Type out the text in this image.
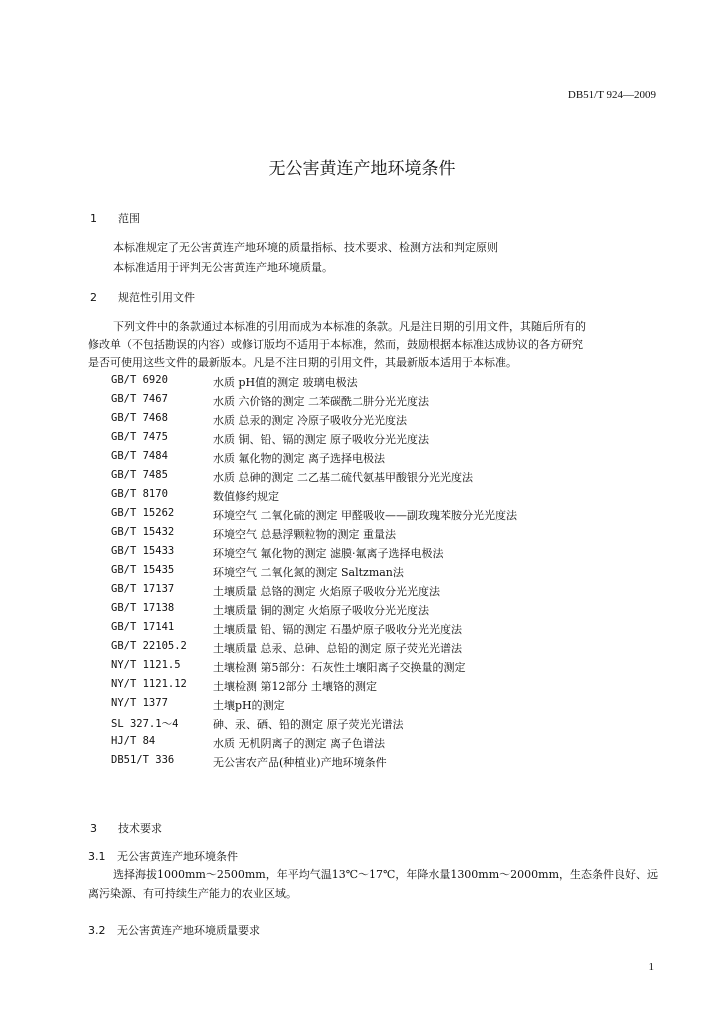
DB51/T 924—2009
无公害黄连产地环境条件
1 范围
本标准规定了无公害黄连产地环境的质量指标、技术要求、检测方法和判定原则
本标准适用于评判无公害黄连产地环境质量。
2 规范性引用文件
下列文件中的条款通过本标准的引用而成为本标准的条款。凡是注日期的引用文件，其随后所有的
修改单（不包括勘误的内容）或修订版均不适用于本标准，然而，鼓励根据本标准达成协议的各方研究
是否可使用这些文件的最新版本。凡是不注日期的引用文件，其最新版本适用于本标准。
GB/T 6920	水质 pH值的测定 玻璃电极法
GB/T 7467	水质 六价铬的测定 二苯碳酰二肼分光光度法
GB/T 7468	水质 总汞的测定 冷原子吸收分光光度法
GB/T 7475	水质 铜、铅、镉的测定 原子吸收分光光度法
GB/T 7484	水质 氟化物的测定 离子选择电极法
GB/T 7485	水质 总砷的测定 二乙基二硫代氨基甲酸银分光光度法
GB/T 8170	数值修约规定
GB/T 15262	环境空气 二氧化硫的测定 甲醛吸收——副玫瑰苯胺分光光度法
GB/T 15432	环境空气 总悬浮颗粒物的测定 重量法
GB/T 15433	环境空气 氟化物的测定 滤膜·氟离子选择电极法
GB/T 15435	环境空气 二氧化氮的测定 Saltzman法
GB/T 17137	土壤质量 总铬的测定 火焰原子吸收分光光度法
GB/T 17138	土壤质量 铜的测定 火焰原子吸收分光光度法
GB/T 17141	土壤质量 铅、镉的测定 石墨炉原子吸收分光光度法
GB/T 22105.2	土壤质量 总汞、总砷、总铅的测定 原子荧光光谱法
NY/T 1121.5	土壤检测 第5部分：石灰性土壤阳离子交换量的测定
NY/T 1121.12	土壤检测 第12部分 土壤铬的测定
NY/T 1377	土壤pH的测定
SL 327.1～4	砷、汞、硒、铅的测定 原子荧光光谱法
HJ/T 84	水质 无机阴离子的测定 离子色谱法
DB51/T 336	无公害农产品(种植业)产地环境条件
3 技术要求
3.1 无公害黄连产地环境条件
选择海拔1000mm～2500mm，年平均气温13℃～17℃，年降水量1300mm～2000mm，生态条件良好、远
离污染源、有可持续生产能力的农业区域。
3.2 无公害黄连产地环境质量要求
1
